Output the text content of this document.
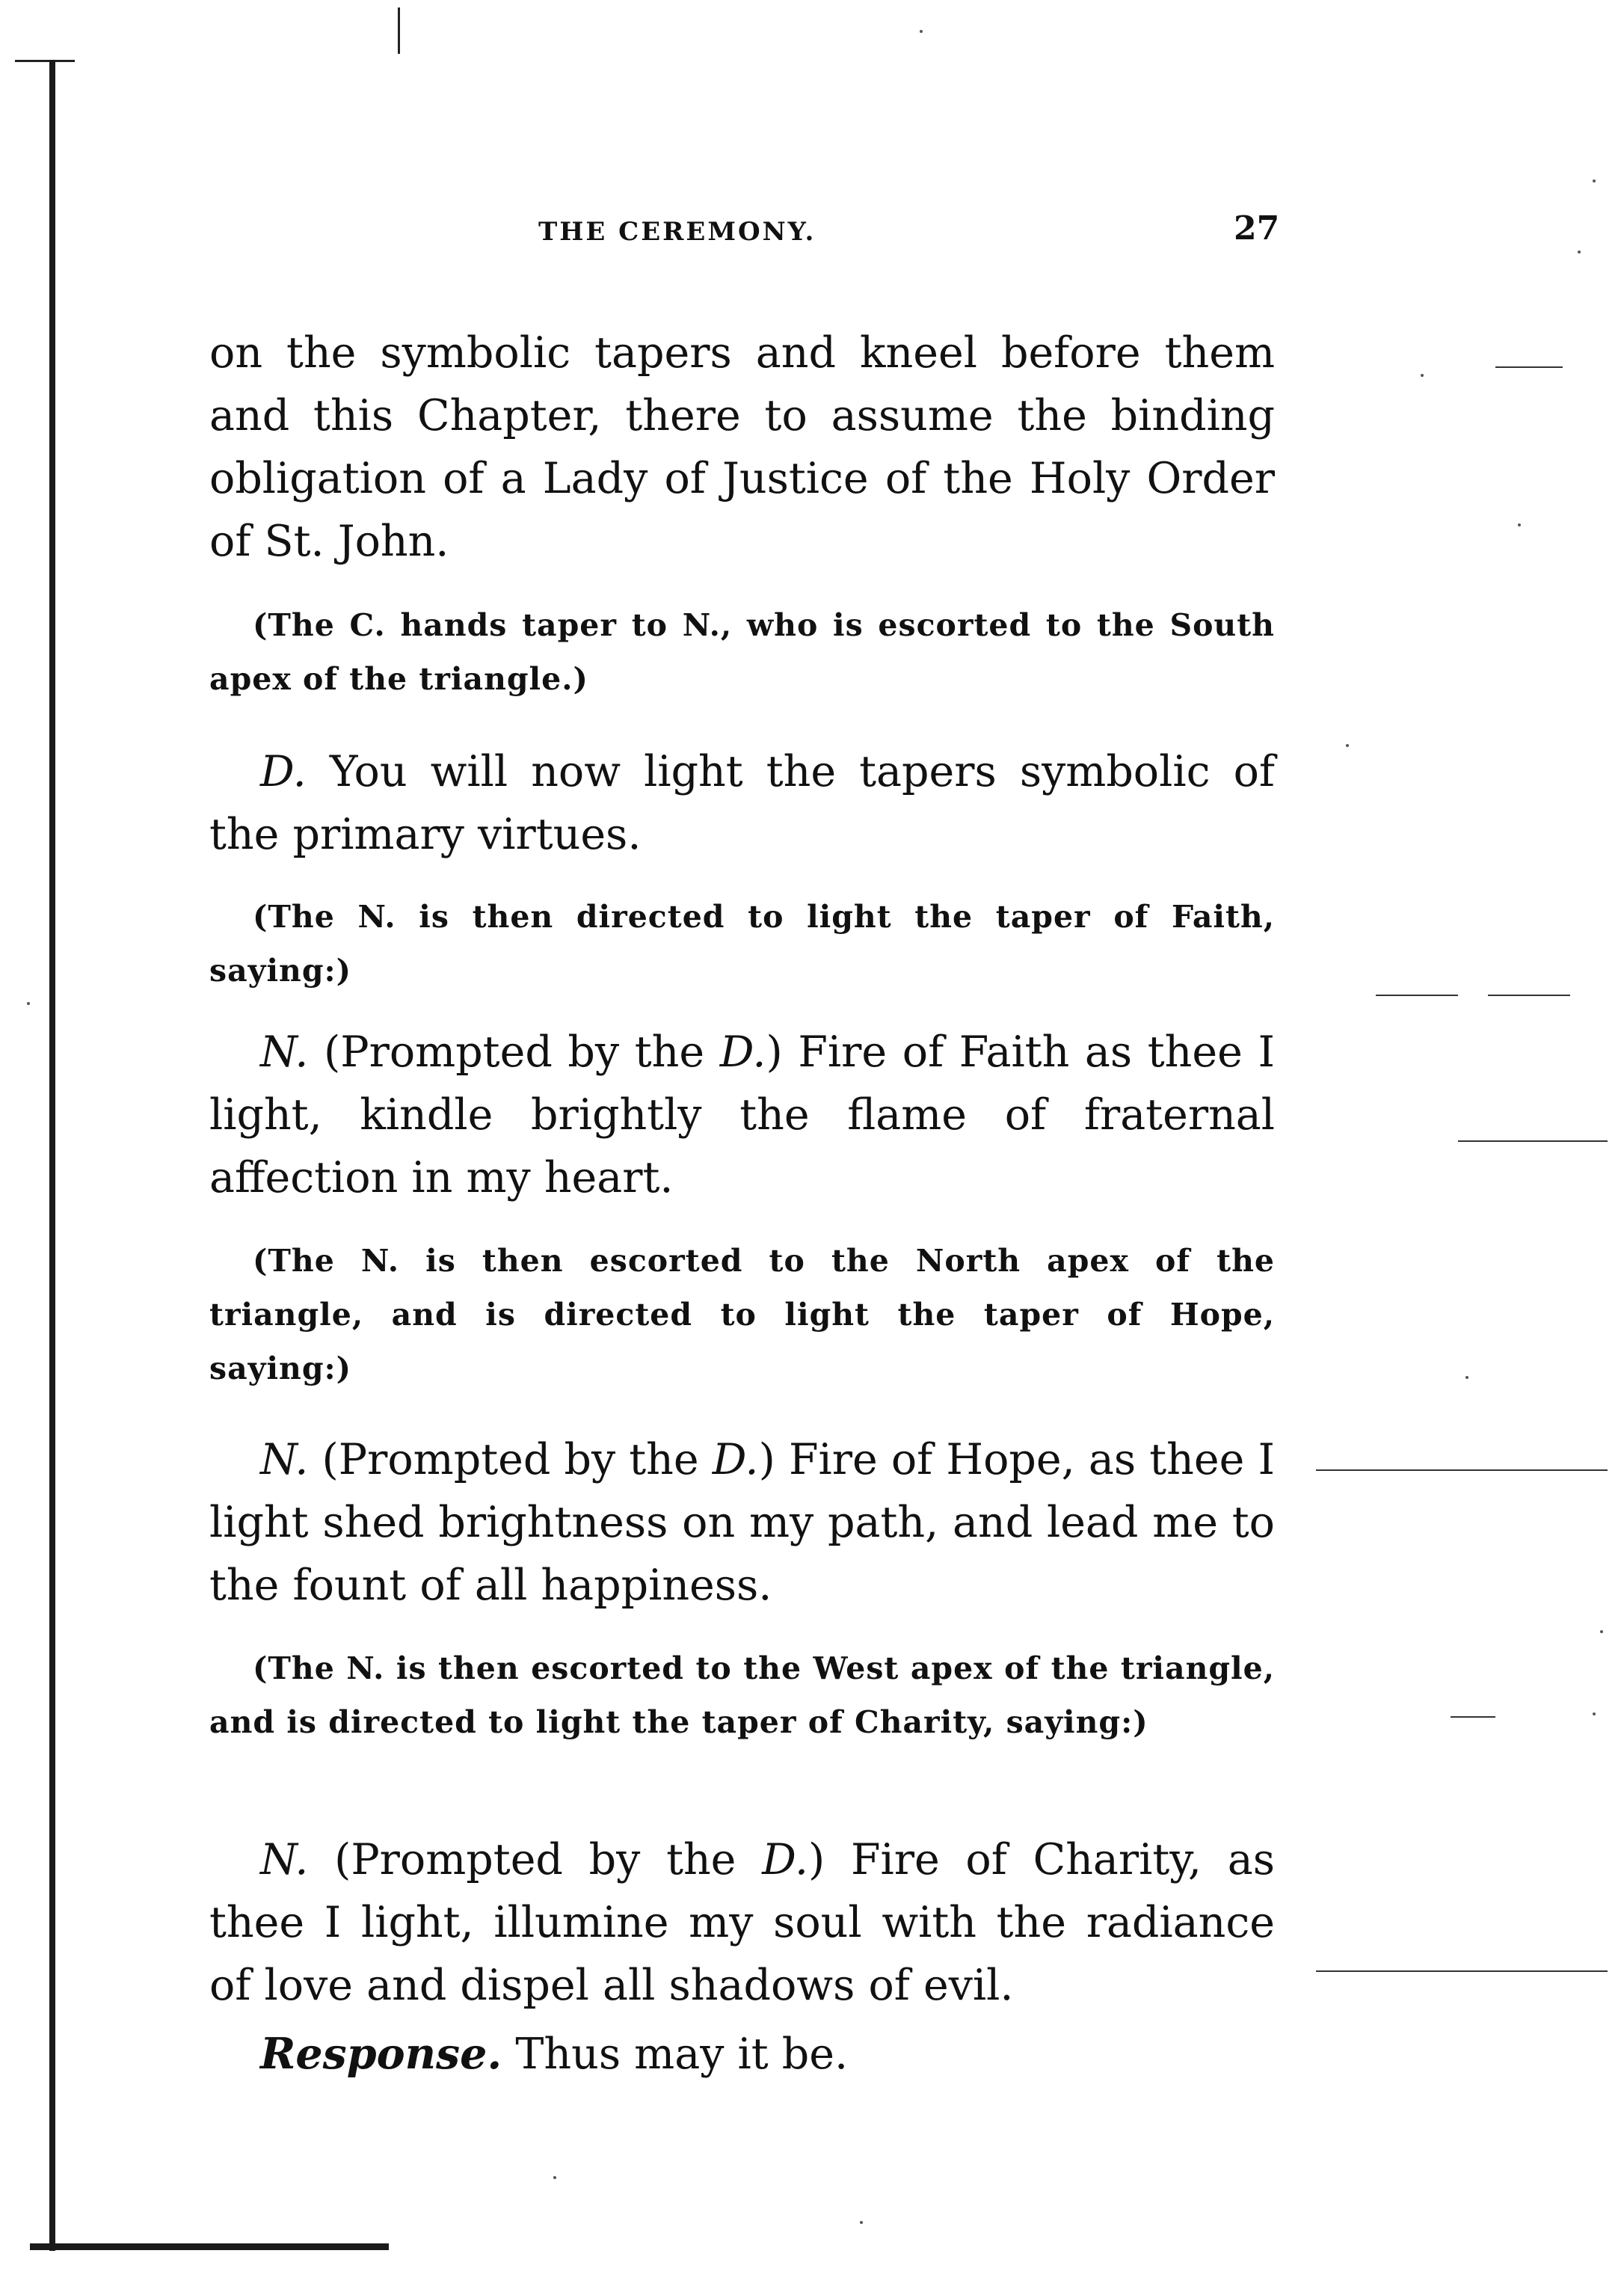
THE CEREMONY.	27

on the symbolic tapers and kneel before them and this Chapter, there to assume the binding obligation of a Lady of Justice of the Holy Order of St. John.

(The C. hands taper to N., who is escorted to the South apex of the triangle.)

D. You will now light the tapers symbolic of the primary virtues.

(The N. is then directed to light the taper of Faith, saying:)

N. (Prompted by the D.) Fire of Faith as thee I light, kindle brightly the flame of fraternal affection in my heart.

(The N. is then escorted to the North apex of the triangle, and is directed to light the taper of Hope, saying:)

N. (Prompted by the D.) Fire of Hope, as thee I light shed brightness on my path, and lead me to the fount of all happiness.

(The N. is then escorted to the West apex of the triangle, and is directed to light the taper of Charity, saying:)

N. (Prompted by the D.) Fire of Charity, as thee I light, illumine my soul with the radiance of love and dispel all shadows of evil.

Response. Thus may it be.
